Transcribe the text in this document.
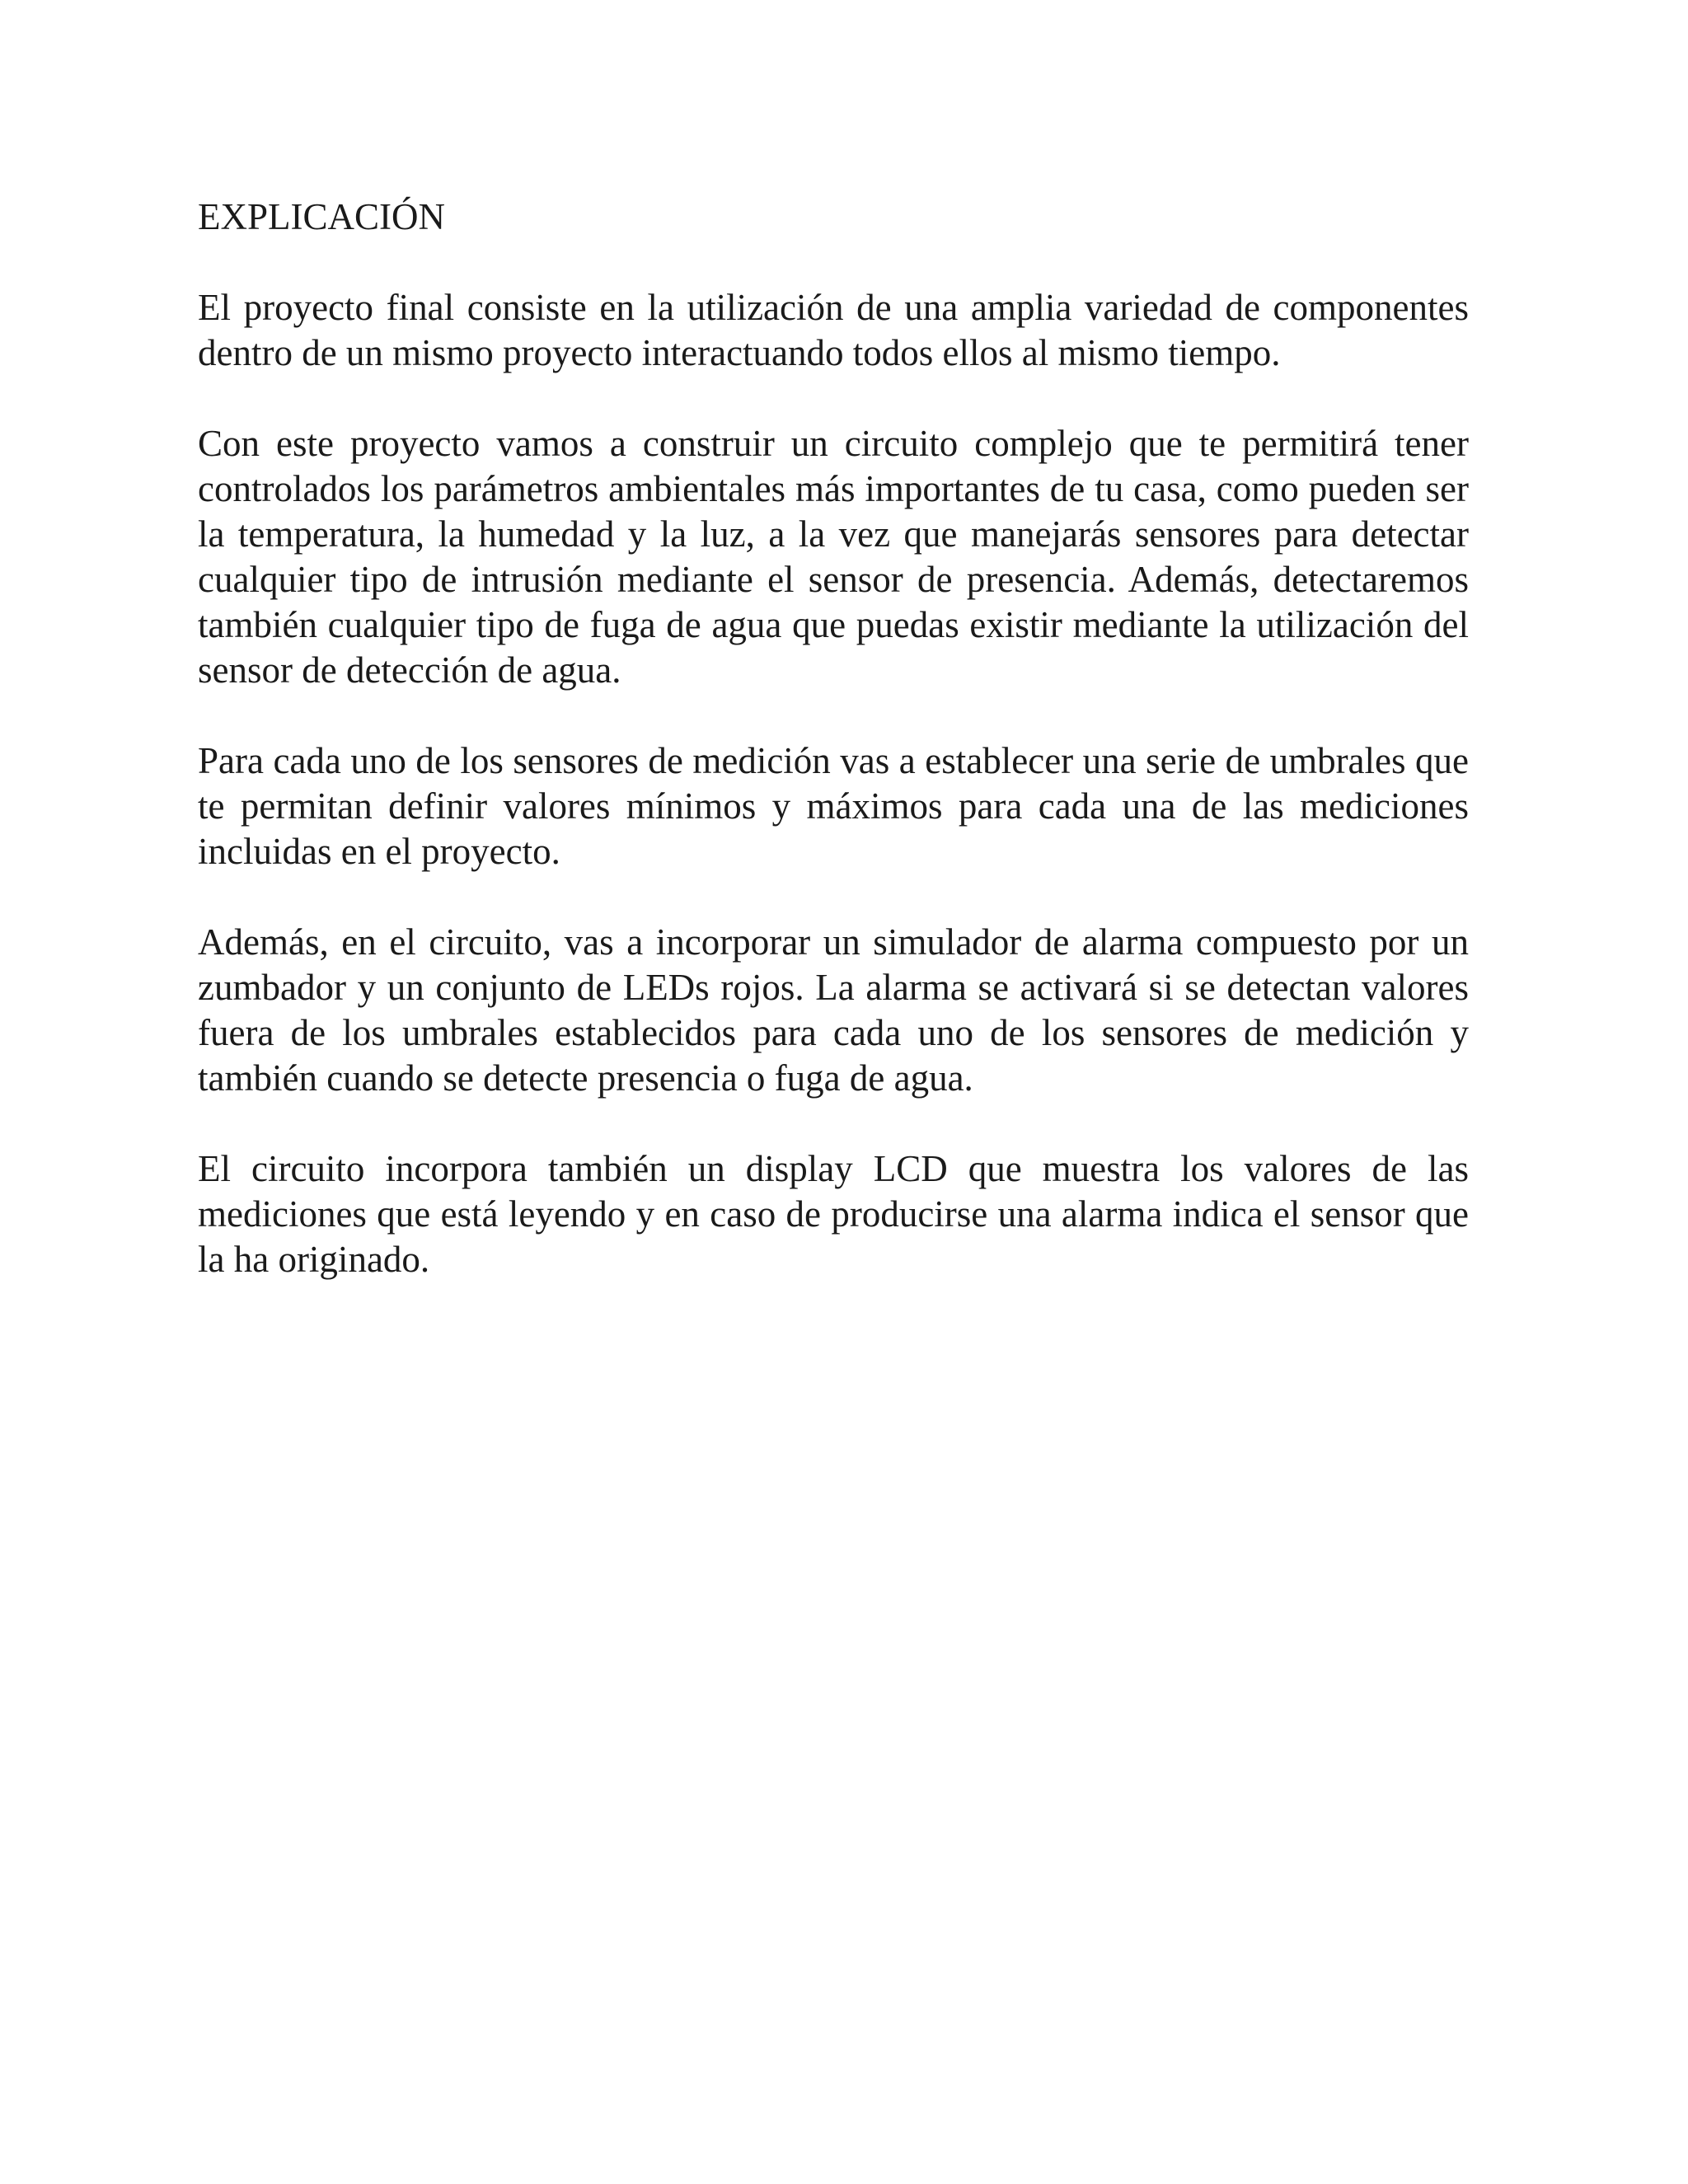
EXPLICACIÓN

El proyecto final consiste en la utilización de una amplia variedad de componentes dentro de un mismo proyecto interactuando todos ellos al mismo tiempo.

Con este proyecto vamos a construir un circuito complejo que te permitirá tener controlados los parámetros ambientales más importantes de tu casa, como pueden ser la temperatura, la humedad y la luz, a la vez que manejarás sensores para detectar cualquier tipo de intrusión mediante el sensor de presencia. Además, detectaremos también cualquier tipo de fuga de agua que puedas existir mediante la utilización del sensor de detección de agua.

Para cada uno de los sensores de medición vas a establecer una serie de umbrales que te permitan definir valores mínimos y máximos para cada una de las mediciones incluidas en el proyecto.

Además, en el circuito, vas a incorporar un simulador de alarma compuesto por un zumbador y un conjunto de LEDs rojos. La alarma se activará si se detectan valores fuera de los umbrales establecidos para cada uno de los sensores de medición y también cuando se detecte presencia o fuga de agua.

El circuito incorpora también un display LCD que muestra los valores de las mediciones que está leyendo y en caso de producirse una alarma indica el sensor que la ha originado.
